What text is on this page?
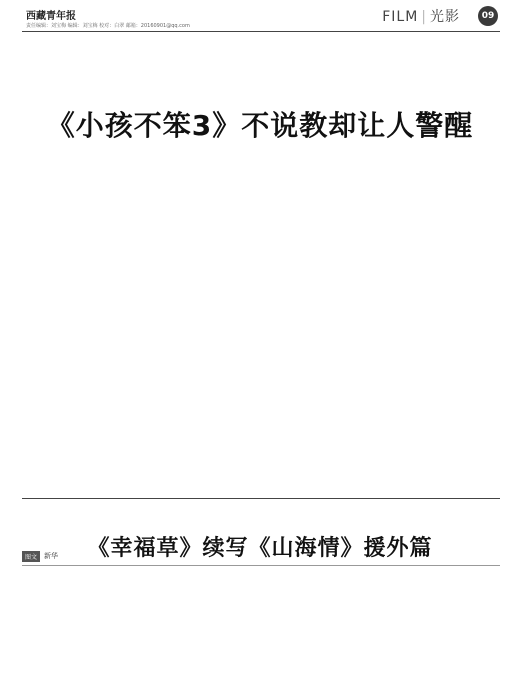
西藏青年报
责任编辑：刘宝梅 编辑：刘宝梅 校对：白翠 邮箱：20160901@qq.com
FILM | 光影	09
《小孩不笨3》不说教却让人警醒
《幸福草》续写《山海情》援外篇
图文	新华
